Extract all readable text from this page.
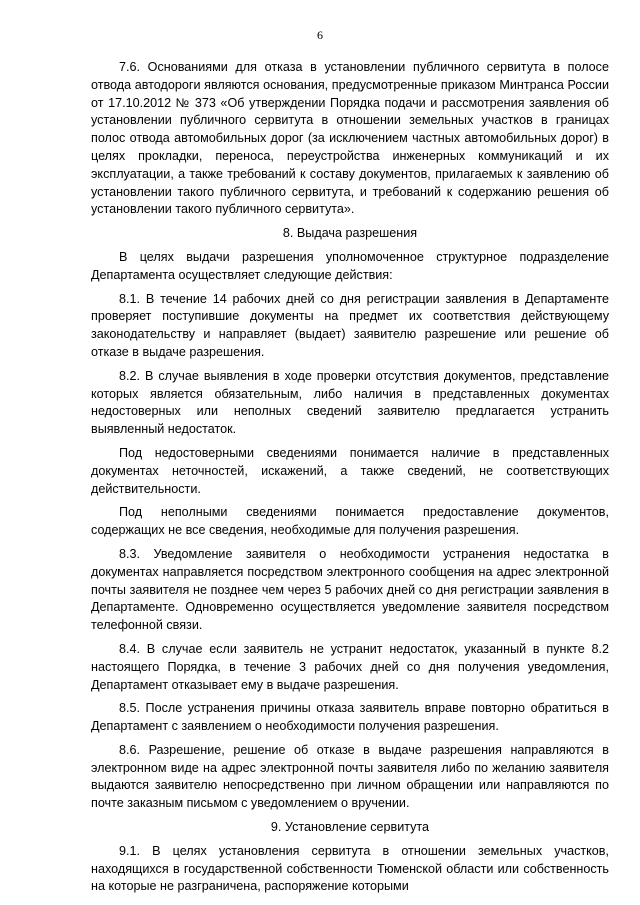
6

7.6. Основаниями для отказа в установлении публичного сервитута в полосе отвода автодороги являются основания, предусмотренные приказом Минтранса России от 17.10.2012 № 373 «Об утверждении Порядка подачи и рассмотрения заявления об установлении публичного сервитута в отношении земельных участков в границах полос отвода автомобильных дорог (за исключением частных автомобильных дорог) в целях прокладки, переноса, переустройства инженерных коммуникаций и их эксплуатации, а также требований к составу документов, прилагаемых к заявлению об установлении такого публичного сервитута, и требований к содержанию решения об установлении такого публичного сервитута».

8. Выдача разрешения

В целях выдачи разрешения уполномоченное структурное подразделение Департамента осуществляет следующие действия:

8.1. В течение 14 рабочих дней со дня регистрации заявления в Департаменте проверяет поступившие документы на предмет их соответствия действующему законодательству и направляет (выдает) заявителю разрешение или решение об отказе в выдаче разрешения.

8.2. В случае выявления в ходе проверки отсутствия документов, представление которых является обязательным, либо наличия в представленных документах недостоверных или неполных сведений заявителю предлагается устранить выявленный недостаток.

Под недостоверными сведениями понимается наличие в представленных документах неточностей, искажений, а также сведений, не соответствующих действительности.

Под неполными сведениями понимается предоставление документов, содержащих не все сведения, необходимые для получения разрешения.

8.3. Уведомление заявителя о необходимости устранения недостатка в документах направляется посредством электронного сообщения на адрес электронной почты заявителя не позднее чем через 5 рабочих дней со дня регистрации заявления в Департаменте. Одновременно осуществляется уведомление заявителя посредством телефонной связи.

8.4. В случае если заявитель не устранит недостаток, указанный в пункте 8.2 настоящего Порядка, в течение 3 рабочих дней со дня получения уведомления, Департамент отказывает ему в выдаче разрешения.

8.5. После устранения причины отказа заявитель вправе повторно обратиться в Департамент с заявлением о необходимости получения разрешения.

8.6. Разрешение, решение об отказе в выдаче разрешения направляются в электронном виде на адрес электронной почты заявителя либо по желанию заявителя выдаются заявителю непосредственно при личном обращении или направляются по почте заказным письмом с уведомлением о вручении.

9. Установление сервитута

9.1. В целях установления сервитута в отношении земельных участков, находящихся в государственной собственности Тюменской области или собственность на которые не разграничена, распоряжение которыми
